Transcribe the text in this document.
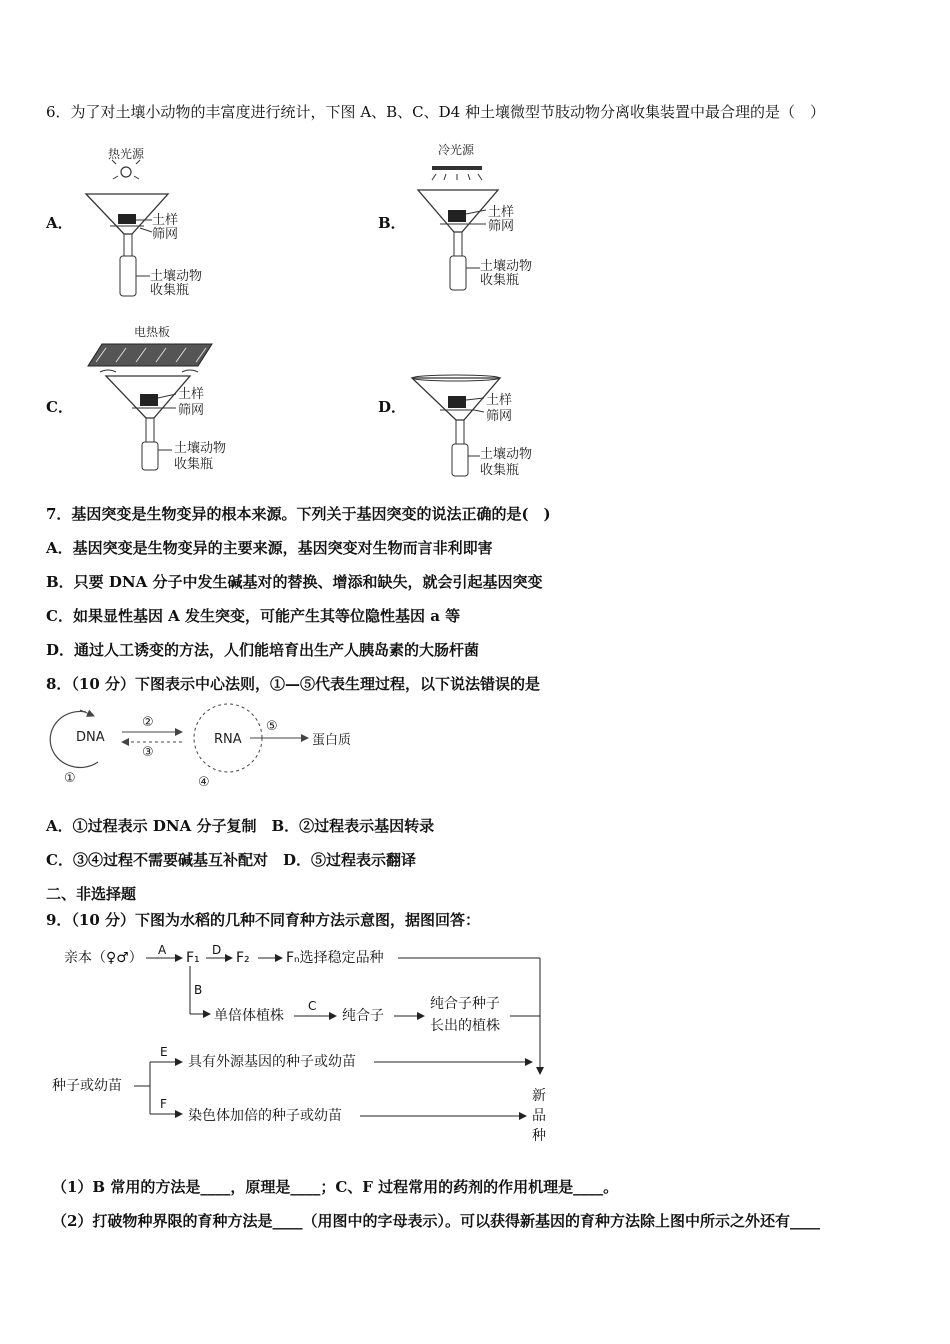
6．为了对土壤小动物的丰富度进行统计，下图 A、B、C、D4 种土壤微型节肢动物分离收集装置中最合理的是（　）
A．	B．
C．	D．
热光源
土样
筛网
土壤动物
收集瓶
冷光源
土样
筛网
土壤动物
收集瓶
电热板
土样
筛网
土壤动物
收集瓶
土样
筛网
土壤动物
收集瓶
7．基因突变是生物变异的根本来源。下列关于基因突变的说法正确的是(　)
A．基因突变是生物变异的主要来源，基因突变对生物而言非利即害
B．只要 DNA 分子中发生碱基对的替换、增添和缺失，就会引起基因突变
C．如果显性基因 A 发生突变，可能产生其等位隐性基因 a 等
D．通过人工诱变的方法，人们能培育出生产人胰岛素的大肠杆菌
8．（10 分）下图表示中心法则，①—⑤代表生理过程，以下说法错误的是
DNA
①
②
③
RNA
④
⑤
蛋白质
A．①过程表示 DNA 分子复制　B．②过程表示基因转录
C．③④过程不需要碱基互补配对　D．⑤过程表示翻译
二、非选择题
9．（10 分）下图为水稻的几种不同育种方法示意图，据图回答：
亲本（♀♂） A F₁ D F₂	Fₙ选择稳定品种
B
单倍体植株
C
纯合子
纯合子种子
长出的植株
种子或幼苗
E
具有外源基因的种子或幼苗
F
染色体加倍的种子或幼苗
新
品
种
（1）B 常用的方法是____，原理是____；C、F 过程常用的药剂的作用机理是____。
（2）打破物种界限的育种方法是____（用图中的字母表示）。可以获得新基因的育种方法除上图中所示之外还有____
